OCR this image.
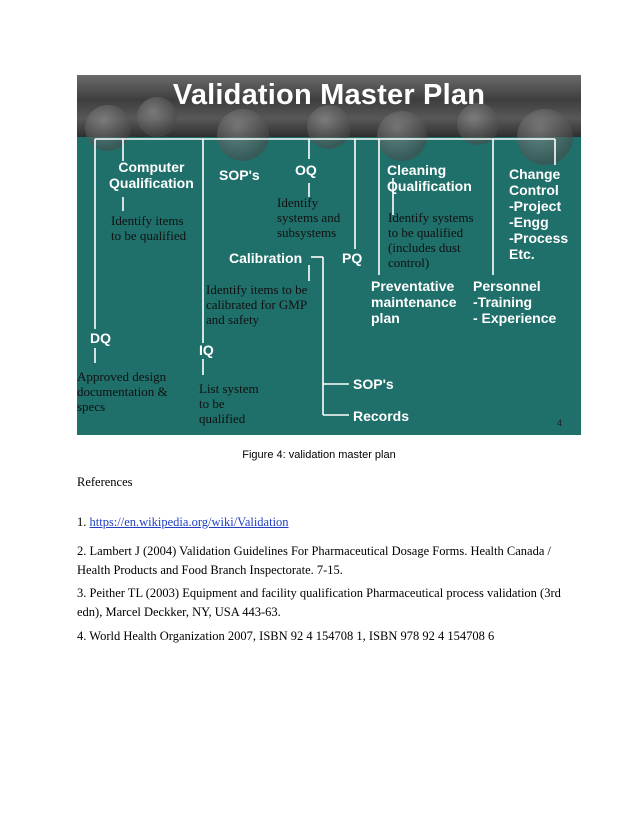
Validation Master Plan
Computer
Qualification SOP's	OQ	Cleaning
Qualification
Change
Control
-Project
-Engg
-Process
Etc.
Calibration	PQ
Preventative
maintenance
plan
Personnel
-Training
- Experience
DQ
IQ
SOP's
Records
Identify items
to be qualified
Identify
systems and
subsystems
Identify systems
to be qualified
(includes dust
control)
Identify items to be
calibrated for GMP
and safety
Approved design
documentation &
specs
List system
to be
qualified	4
Figure 4: validation master plan
References
1. https://en.wikipedia.org/wiki/Validation
2. Lambert J (2004) Validation Guidelines For Pharmaceutical Dosage Forms. Health Canada / Health Products and Food Branch Inspectorate. 7-15.
3. Peither TL (2003) Equipment and facility qualification Pharmaceutical process validation (3rd edn), Marcel Deckker, NY, USA 443-63.
4. World Health Organization 2007, ISBN 92 4 154708 1, ISBN 978 92 4 154708 6
